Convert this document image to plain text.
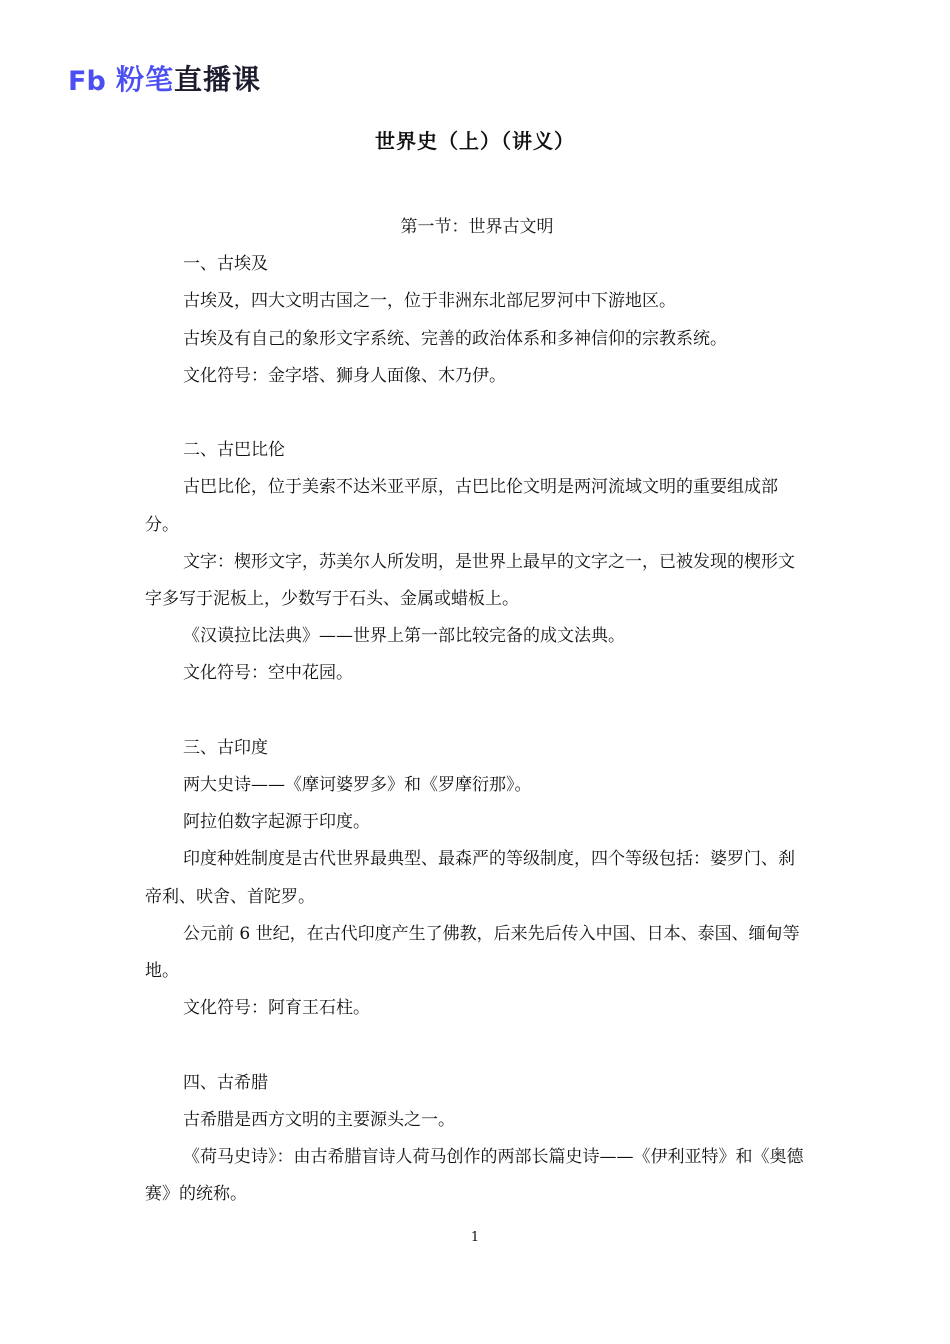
Fb 粉笔 直播课
世界史（上）（讲义）

第一节：世界古文明

一、古埃及

古埃及，四大文明古国之一，位于非洲东北部尼罗河中下游地区。

古埃及有自己的象形文字系统、完善的政治体系和多神信仰的宗教系统。

文化符号：金字塔、狮身人面像、木乃伊。

二、古巴比伦

古巴比伦，位于美索不达米亚平原，古巴比伦文明是两河流域文明的重要组成部分。

文字：楔形文字，苏美尔人所发明，是世界上最早的文字之一，已被发现的楔形文字多写于泥板上，少数写于石头、金属或蜡板上。

《汉谟拉比法典》——世界上第一部比较完备的成文法典。

文化符号：空中花园。

三、古印度

两大史诗——《摩诃婆罗多》和《罗摩衍那》。

阿拉伯数字起源于印度。

印度种姓制度是古代世界最典型、最森严的等级制度，四个等级包括：婆罗门、刹帝利、吠舍、首陀罗。

公元前 6 世纪，在古代印度产生了佛教，后来先后传入中国、日本、泰国、缅甸等地。

文化符号：阿育王石柱。

四、古希腊

古希腊是西方文明的主要源头之一。

《荷马史诗》：由古希腊盲诗人荷马创作的两部长篇史诗——《伊利亚特》和《奥德赛》的统称。

1
